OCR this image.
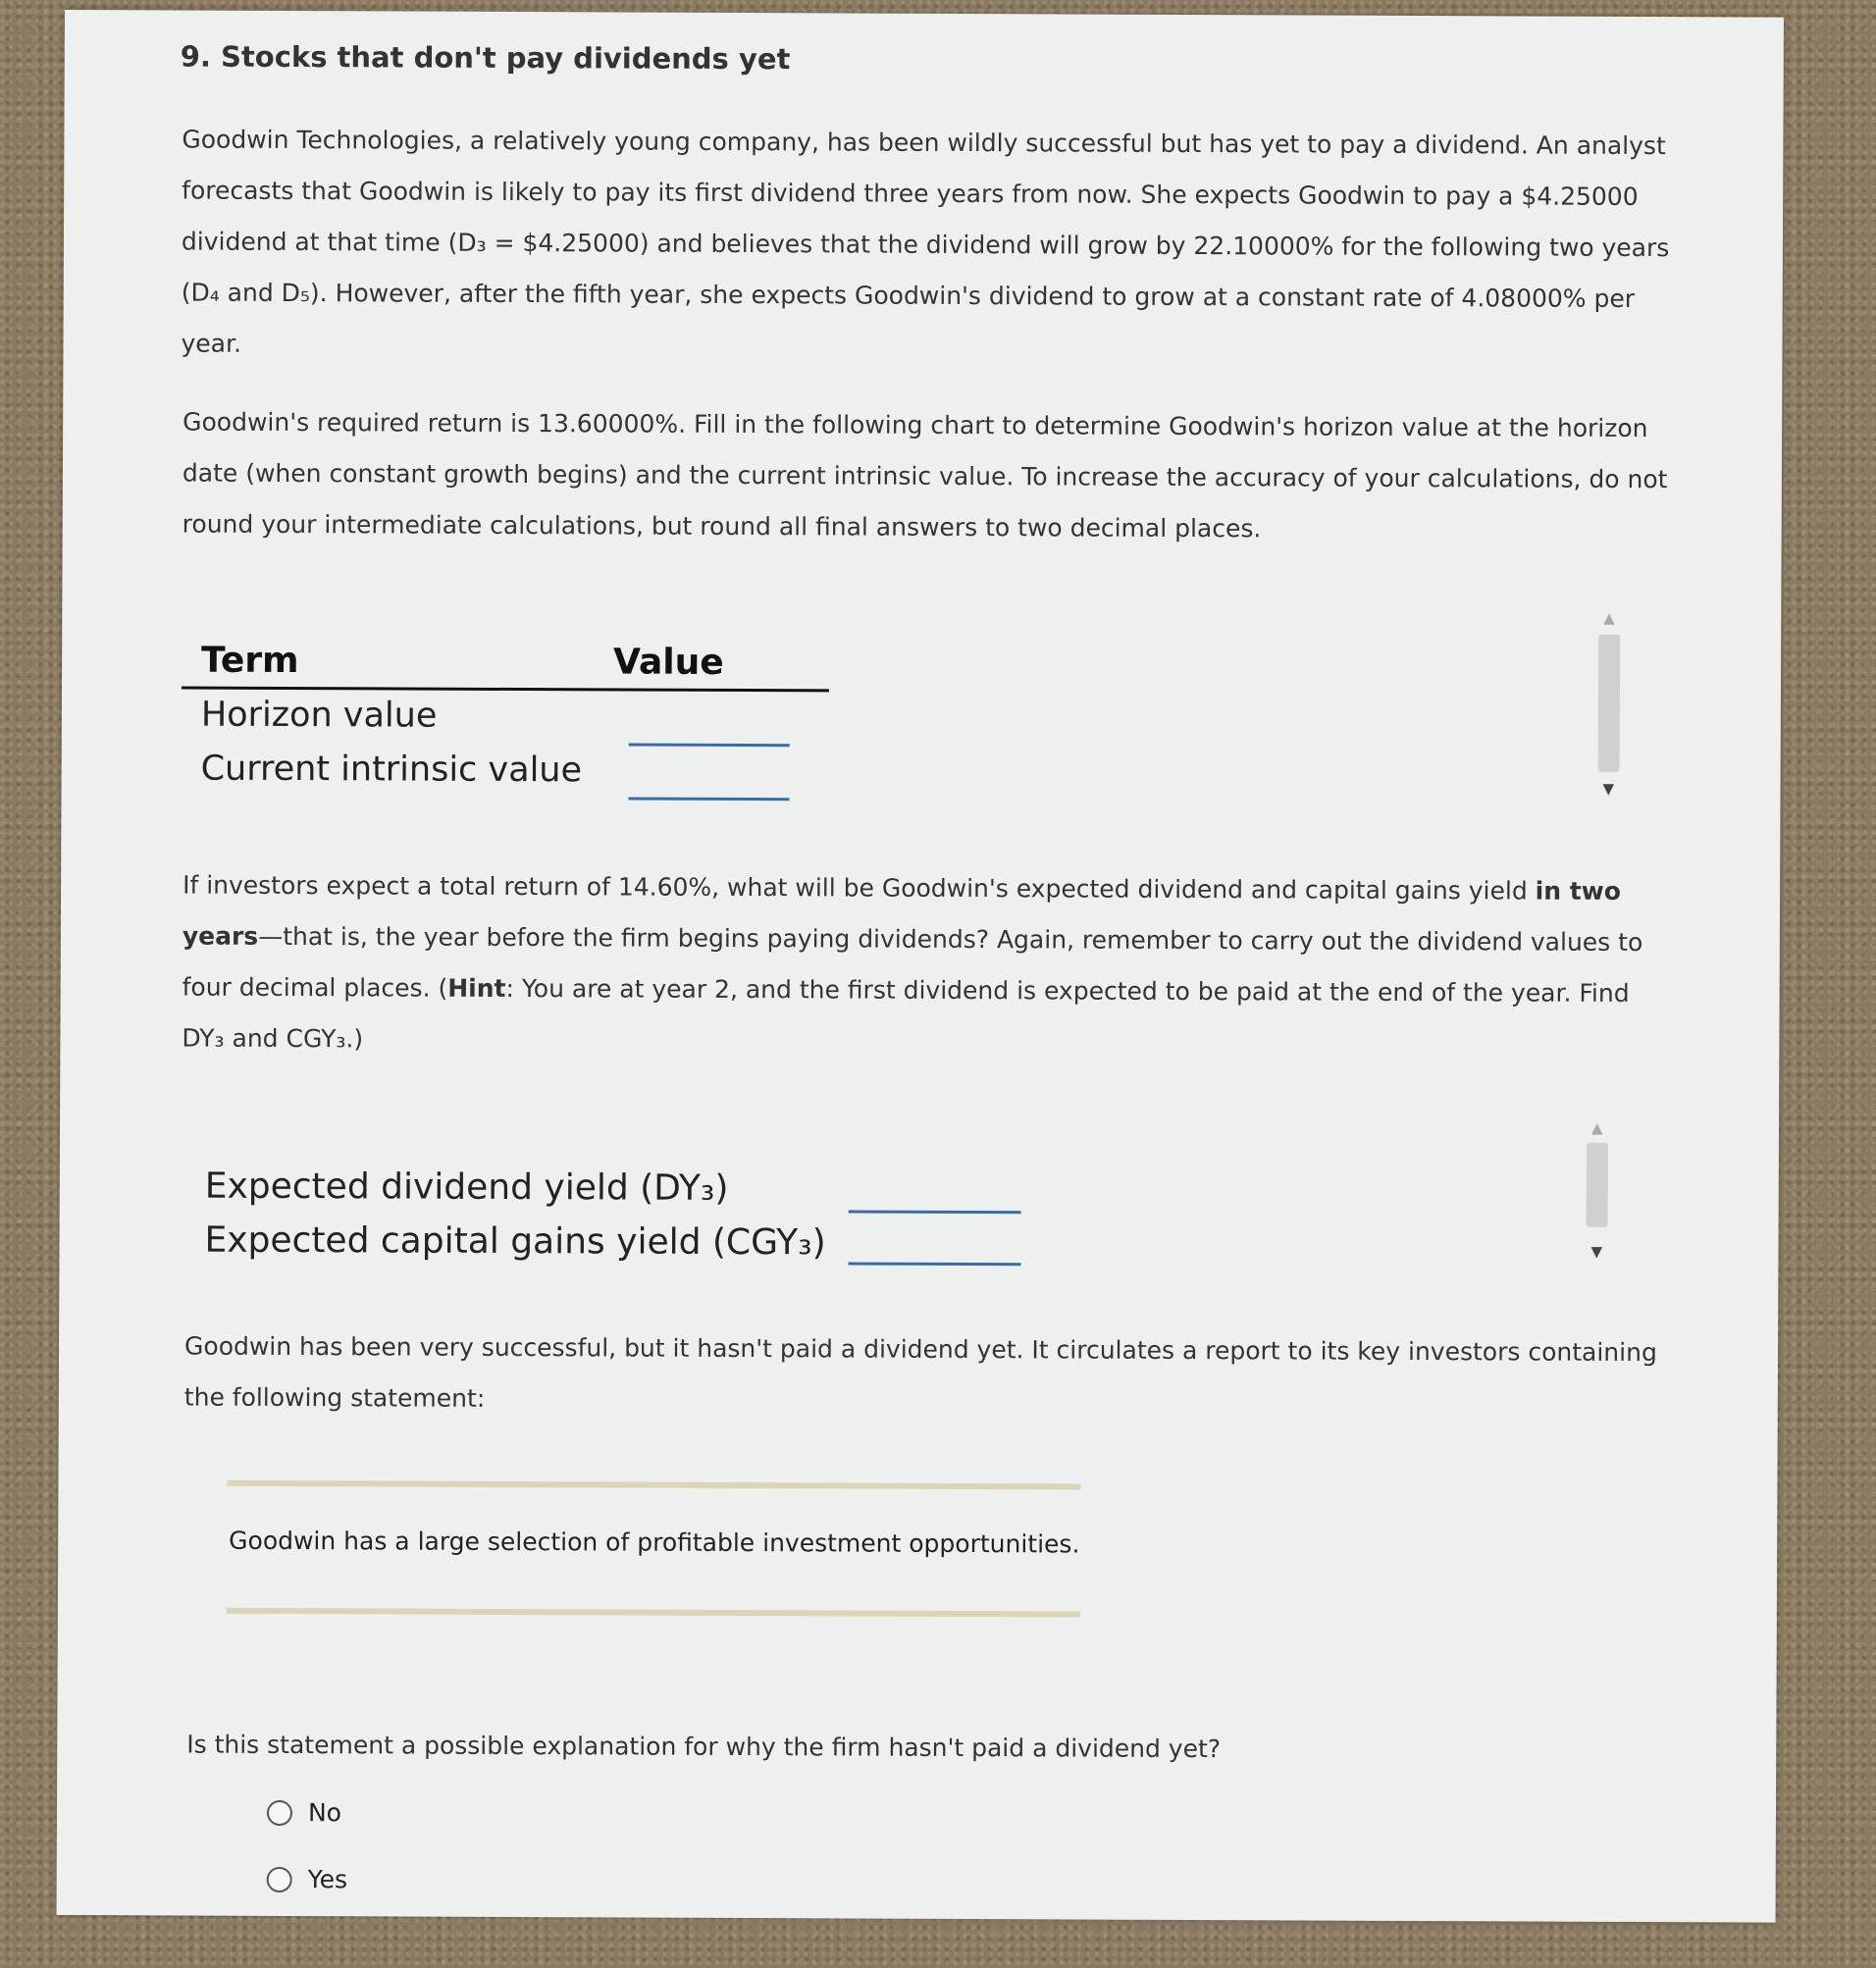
9. Stocks that don't pay dividends yet
Goodwin Technologies, a relatively young company, has been wildly successful but has yet to pay a dividend. An analyst forecasts that Goodwin is likely to pay its first dividend three years from now. She expects Goodwin to pay a $4.25000 dividend at that time (D₃ = $4.25000) and believes that the dividend will grow by 22.10000% for the following two years (D₄ and D₅). However, after the fifth year, she expects Goodwin's dividend to grow at a constant rate of 4.08000% per year.
Goodwin's required return is 13.60000%. Fill in the following chart to determine Goodwin's horizon value at the horizon date (when constant growth begins) and the current intrinsic value. To increase the accuracy of your calculations, do not round your intermediate calculations, but round all final answers to two decimal places.
Term	Value
Horizon value
Current intrinsic value
▲
▼
If investors expect a total return of 14.60%, what will be Goodwin's expected dividend and capital gains yield in two years—that is, the year before the firm begins paying dividends? Again, remember to carry out the dividend values to four decimal places. (Hint: You are at year 2, and the first dividend is expected to be paid at the end of the year. Find DY₃ and CGY₃.)
Expected dividend yield (DY₃)
Expected capital gains yield (CGY₃)
▲
▼
Goodwin has been very successful, but it hasn't paid a dividend yet. It circulates a report to its key investors containing the following statement:
Goodwin has a large selection of profitable investment opportunities.
Is this statement a possible explanation for why the firm hasn't paid a dividend yet?
No
Yes
